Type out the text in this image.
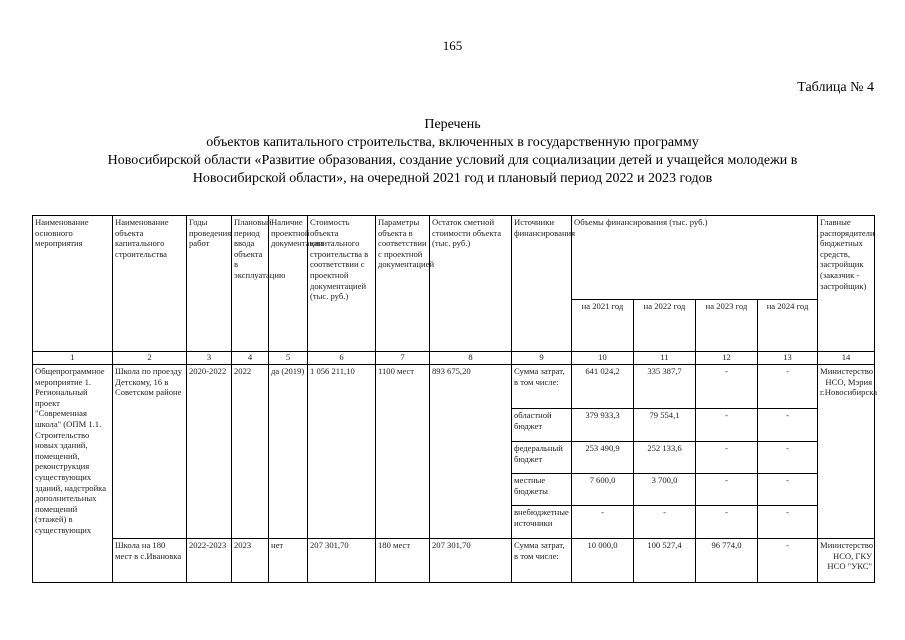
165
Таблица № 4
Перечень
объектов капитального строительства, включенных в государственную программу
Новосибирской области «Развитие образования, создание условий для социализации детей и учащейся молодежи в
Новосибирской области», на очередной 2021 год и плановый период 2022 и 2023 годов
Наименование основного мероприятия	Наименование объекта капитального строительства	Годы проведения работ	Плановый период ввода объекта в эксплуатацию	Наличие проектной документации	Стоимость объекта капитального строительства в соответствии с проектной документацией (тыс. руб.)	Параметры объекта в соответствии с проектной документацией	Остаток сметной стоимости объекта (тыс. руб.)	Источники финансирования	Объемы финансирования (тыс. руб.)				Главные распорядители бюджетных средств, застройщик (заказчик - застройщик)
									на 2021 год	на 2022 год	на 2023 год	на 2024 год	
1	2	3	4	5	6	7	8	9	10	11	12	13	14
Общепрограммное мероприятие 1. Региональный проект "Современная школа" (ОПМ 1.1. Строительство новых зданий, помещений, реконструкция существующих зданий, надстройка дополнительных помещений (этажей) в существующих	Школа по проезду Детскому, 16 в Советском районе	2020-2022	2022	да (2019)	1 056 211,10	1100 мест	893 675,20	Сумма затрат, в том числе:	641 024,2	335 387,7	-	-	Министерство НСО, Мэрия г.Новосибирска
								областной бюджет	379 933,3	79 554,1	-	-	
								федеральный бюджет	253 490,9	252 133,6	-	-	
								местные бюджеты	7 600,0	3 700,0	-	-	
								внебюджетные источники	-	-	-	-	
	Школа на 180 мест в с.Ивановка	2022-2023	2023	нет	207 301,70	180 мест	207 301,70	Сумма затрат, в том числе:	10 000,0	100 527,4	96 774,0	-	Министерство НСО, ГКУ НСО "УКС"
